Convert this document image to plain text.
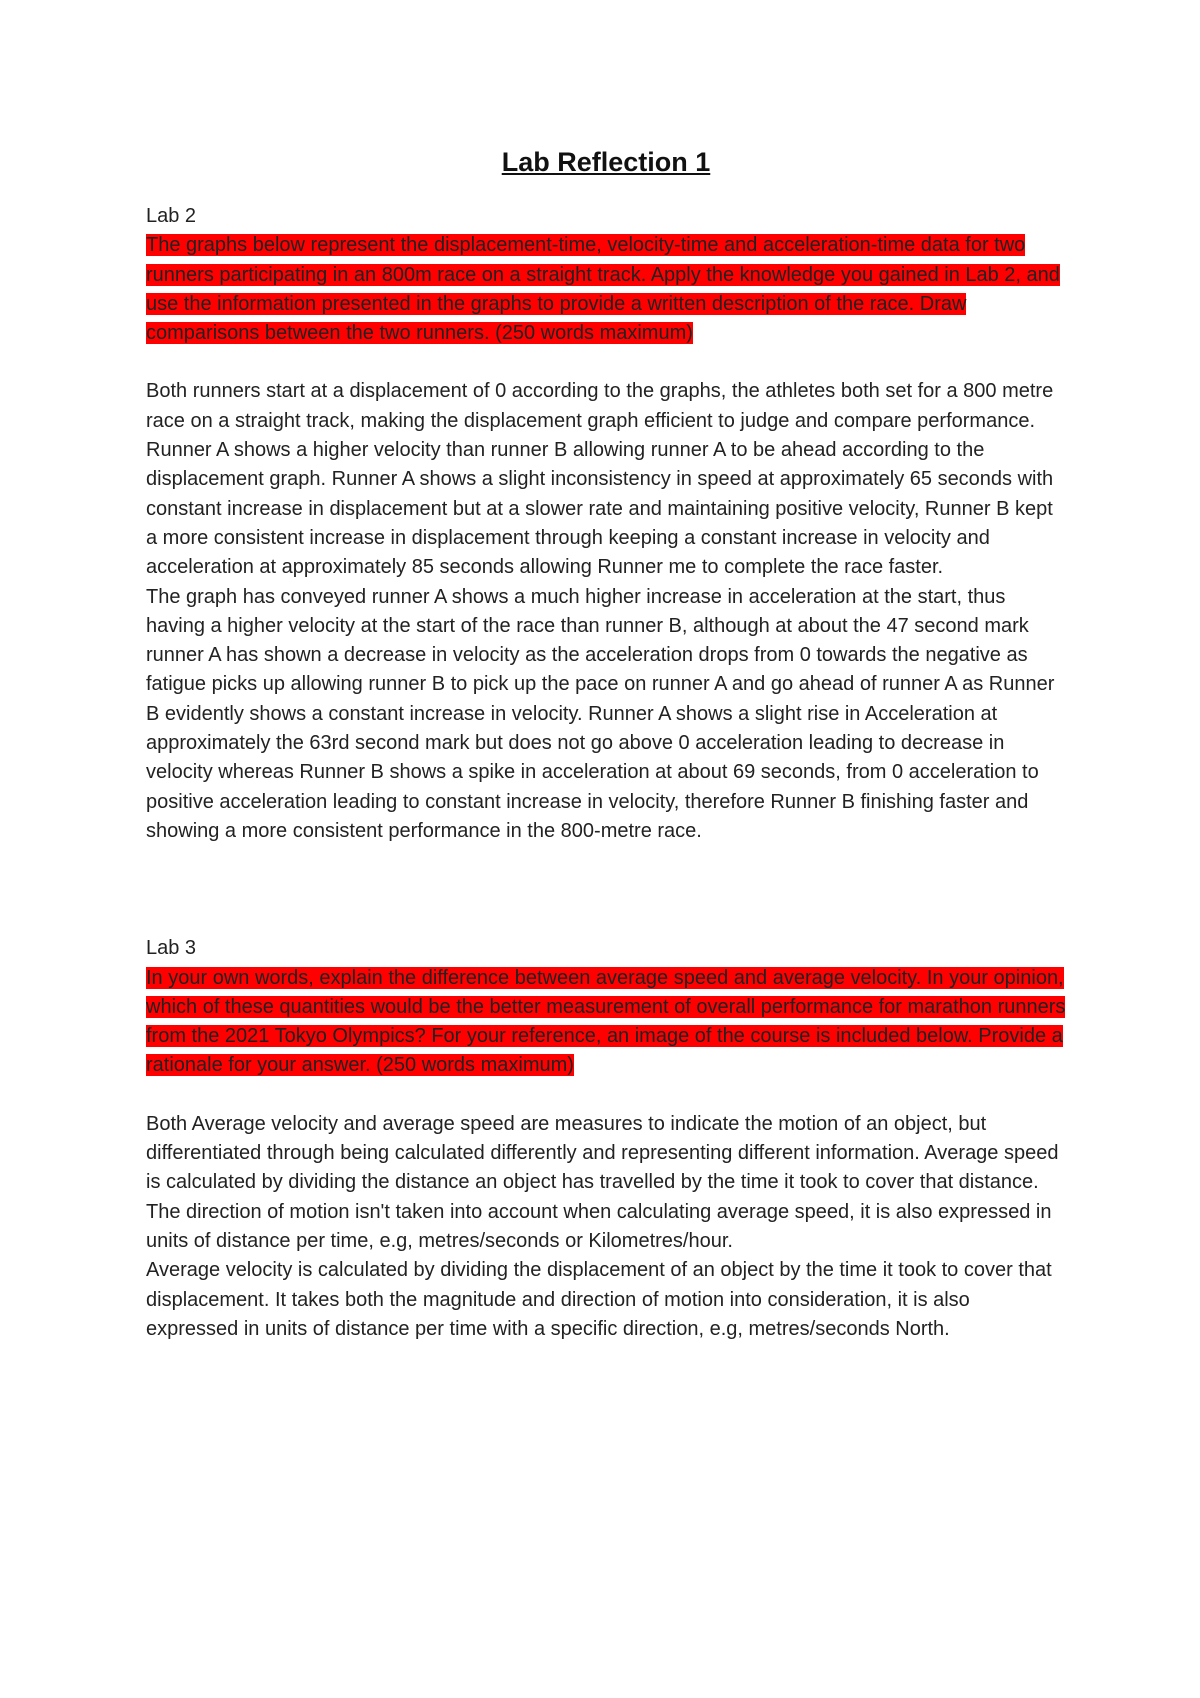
Lab Reflection 1

Lab 2

The graphs below represent the displacement-time, velocity-time and acceleration-time data for two runners participating in an 800m race on a straight track. Apply the knowledge you gained in Lab 2, and use the information presented in the graphs to provide a written description of the race. Draw comparisons between the two runners. (250 words maximum)

Both runners start at a displacement of 0 according to the graphs, the athletes both set for a 800 metre race on a straight track, making the displacement graph efficient to judge and compare performance. Runner A shows a higher velocity than runner B allowing runner A to be ahead according to the displacement graph. Runner A shows a slight inconsistency in speed at approximately 65 seconds with constant increase in displacement but at a slower rate and maintaining positive velocity, Runner B kept a more consistent increase in displacement through keeping a constant increase in velocity and acceleration at approximately 85 seconds allowing Runner me to complete the race faster.

The graph has conveyed runner A shows a much higher increase in acceleration at the start, thus having a higher velocity at the start of the race than runner B, although at about the 47 second mark runner A has shown a decrease in velocity as the acceleration drops from 0 towards the negative as fatigue picks up allowing runner B to pick up the pace on runner A and go ahead of runner A as Runner B evidently shows a constant increase in velocity. Runner A shows a slight rise in Acceleration at approximately the 63rd second mark but does not go above 0 acceleration leading to decrease in velocity whereas Runner B shows a spike in acceleration at about 69 seconds, from 0 acceleration to positive acceleration leading to constant increase in velocity, therefore Runner B finishing faster and showing a more consistent performance in the 800-metre race.

Lab 3

In your own words, explain the difference between average speed and average velocity. In your opinion, which of these quantities would be the better measurement of overall performance for marathon runners from the 2021 Tokyo Olympics? For your reference, an image of the course is included below. Provide a rationale for your answer. (250 words maximum)

Both Average velocity and average speed are measures to indicate the motion of an object, but differentiated through being calculated differently and representing different information. Average speed is calculated by dividing the distance an object has travelled by the time it took to cover that distance. The direction of motion isn't taken into account when calculating average speed, it is also expressed in units of distance per time, e.g, metres/seconds or Kilometres/hour.

Average velocity is calculated by dividing the displacement of an object by the time it took to cover that displacement. It takes both the magnitude and direction of motion into consideration, it is also expressed in units of distance per time with a specific direction, e.g, metres/seconds North.
